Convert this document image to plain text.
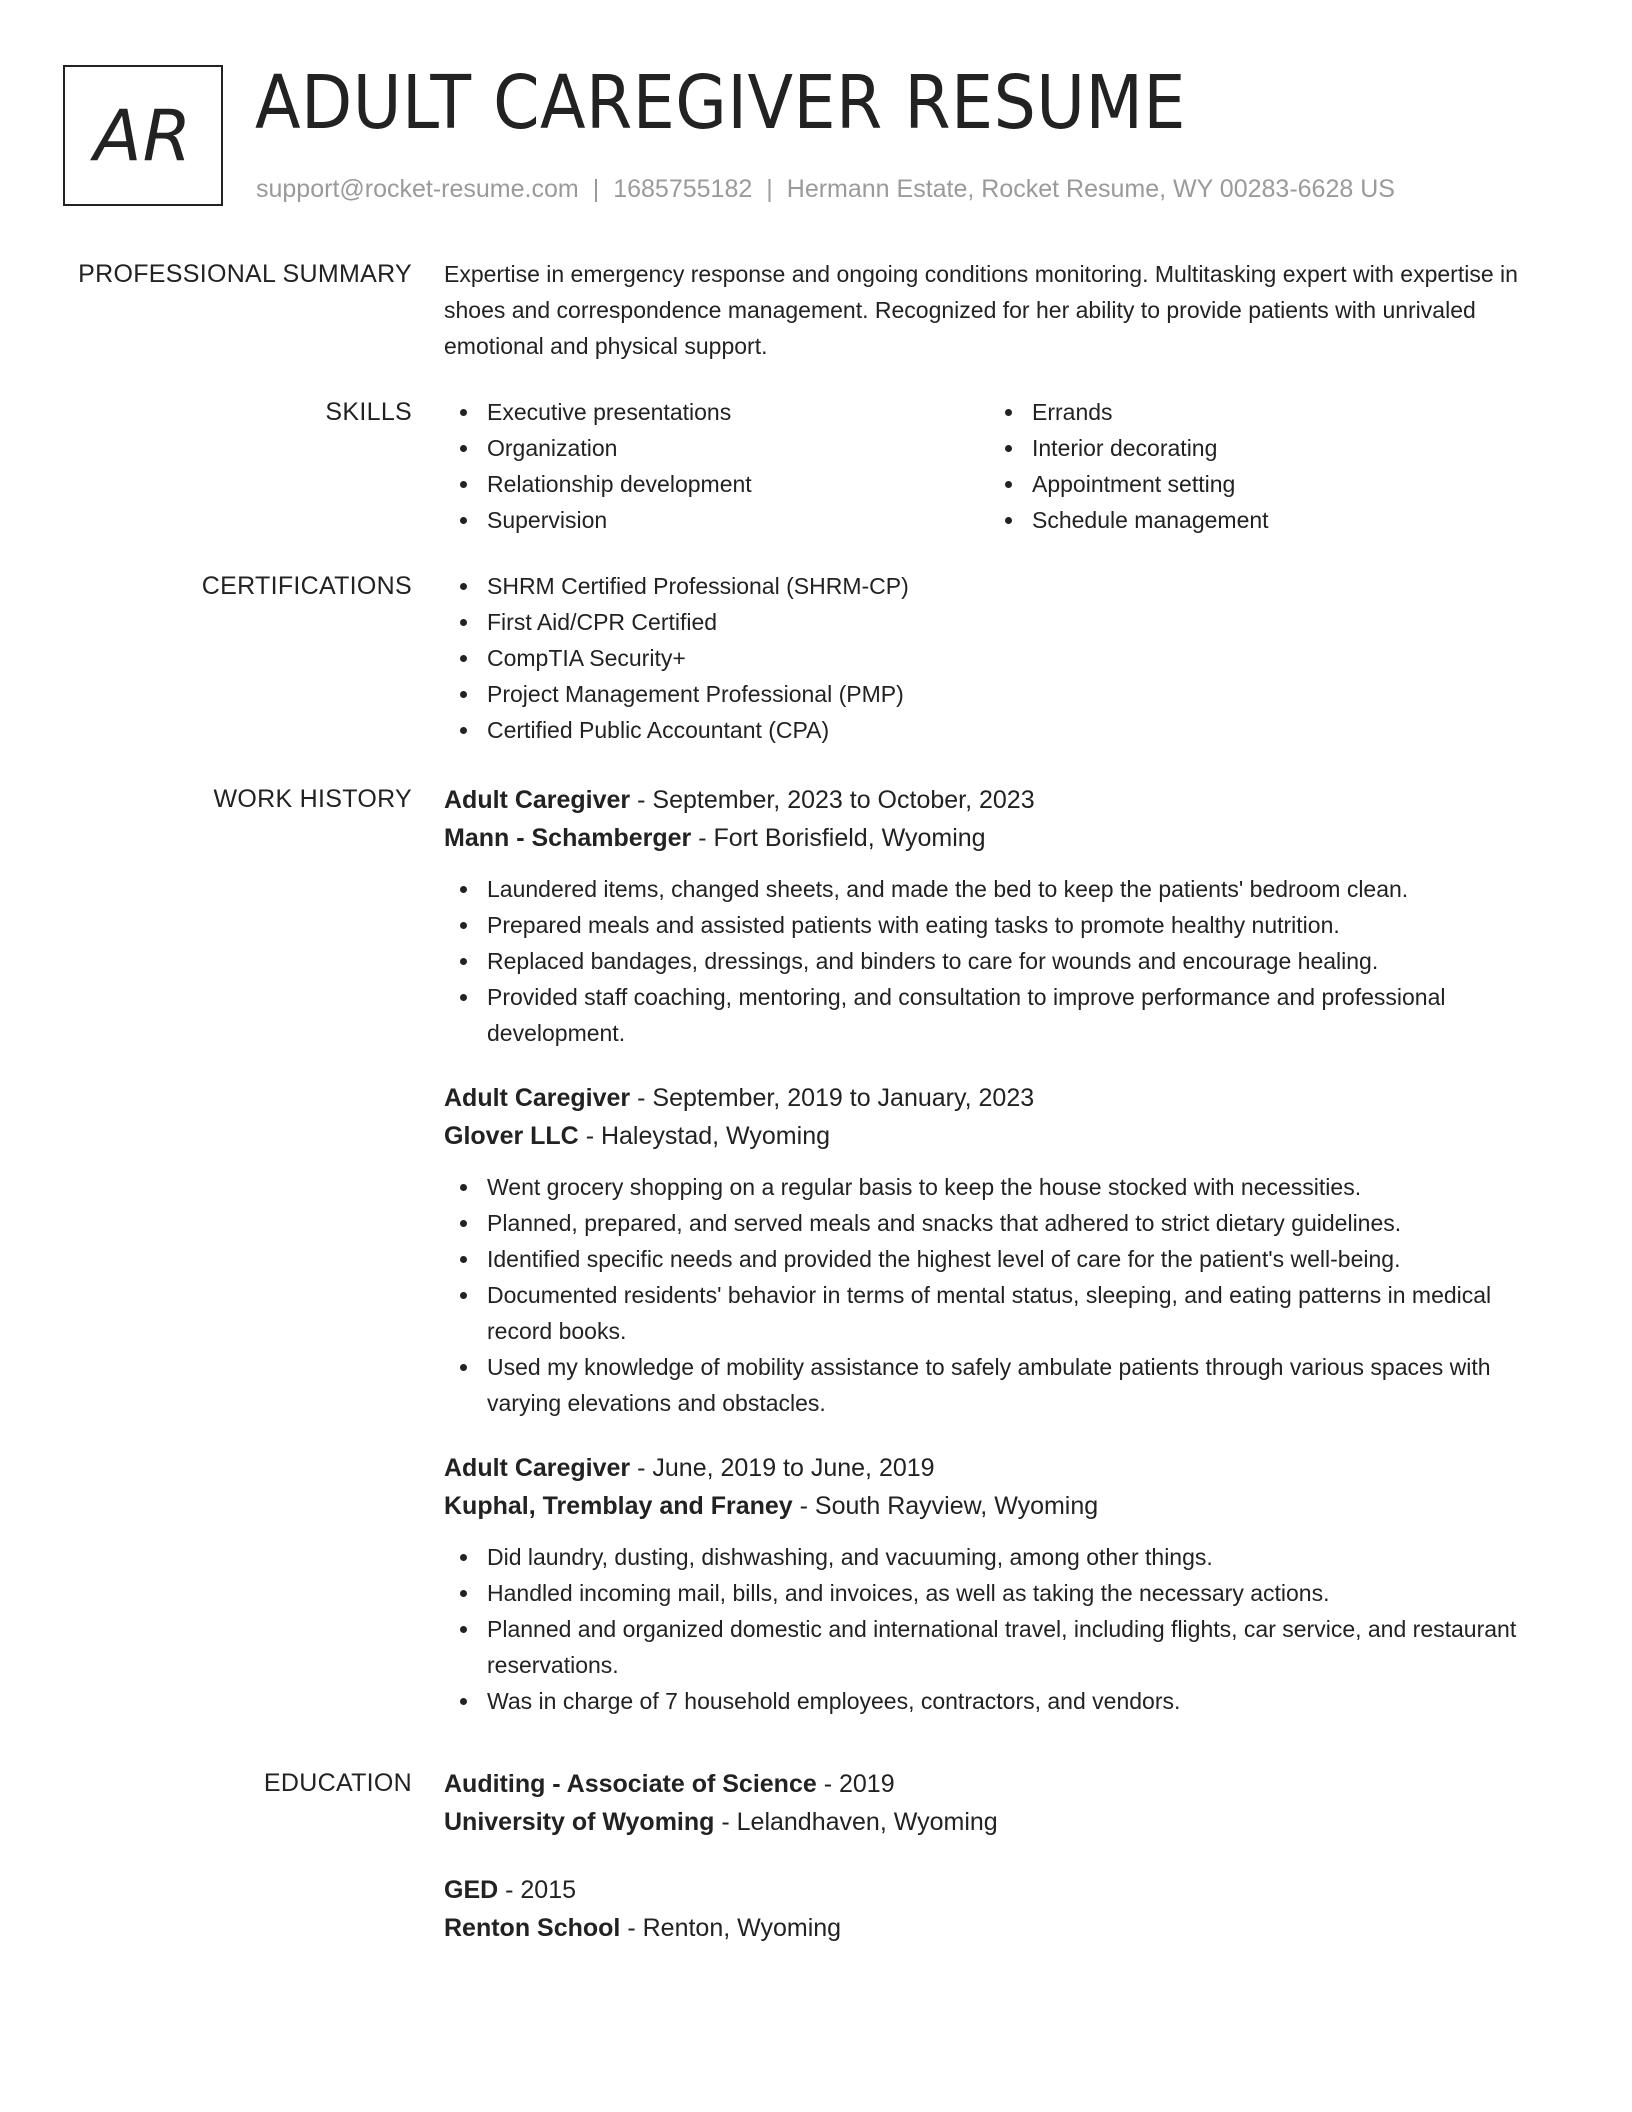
AR ADULT CAREGIVER RESUME
support@rocket-resume.com | 1685755182 | Hermann Estate, Rocket Resume, WY 00283-6628 US
PROFESSIONAL SUMMARY Expertise in emergency response and ongoing conditions monitoring. Multitasking expert with expertise in shoes and correspondence management. Recognized for her ability to provide patients with unrivaled emotional and physical support.
SKILLS	Executive presentations
Organization
Relationship development
Supervision
Errands
Interior decorating
Appointment setting
Schedule management
CERTIFICATIONS	SHRM Certified Professional (SHRM-CP)
First Aid/CPR Certified
CompTIA Security+
Project Management Professional (PMP)
Certified Public Accountant (CPA)
WORK HISTORY Adult Caregiver - September, 2023 to October, 2023
Mann - Schamberger - Fort Borisfield, Wyoming
Laundered items, changed sheets, and made the bed to keep the patients' bedroom clean.
Prepared meals and assisted patients with eating tasks to promote healthy nutrition.
Replaced bandages, dressings, and binders to care for wounds and encourage healing.
Provided staff coaching, mentoring, and consultation to improve performance and professional development.
Adult Caregiver - September, 2019 to January, 2023
Glover LLC - Haleystad, Wyoming
Went grocery shopping on a regular basis to keep the house stocked with necessities.
Planned, prepared, and served meals and snacks that adhered to strict dietary guidelines.
Identified specific needs and provided the highest level of care for the patient's well-being.
Documented residents' behavior in terms of mental status, sleeping, and eating patterns in medical record books.
Used my knowledge of mobility assistance to safely ambulate patients through various spaces with varying elevations and obstacles.
Adult Caregiver - June, 2019 to June, 2019
Kuphal, Tremblay and Franey - South Rayview, Wyoming
Did laundry, dusting, dishwashing, and vacuuming, among other things.
Handled incoming mail, bills, and invoices, as well as taking the necessary actions.
Planned and organized domestic and international travel, including flights, car service, and restaurant reservations.
Was in charge of 7 household employees, contractors, and vendors.
EDUCATION Auditing - Associate of Science - 2019
University of Wyoming - Lelandhaven, Wyoming
GED - 2015
Renton School - Renton, Wyoming
